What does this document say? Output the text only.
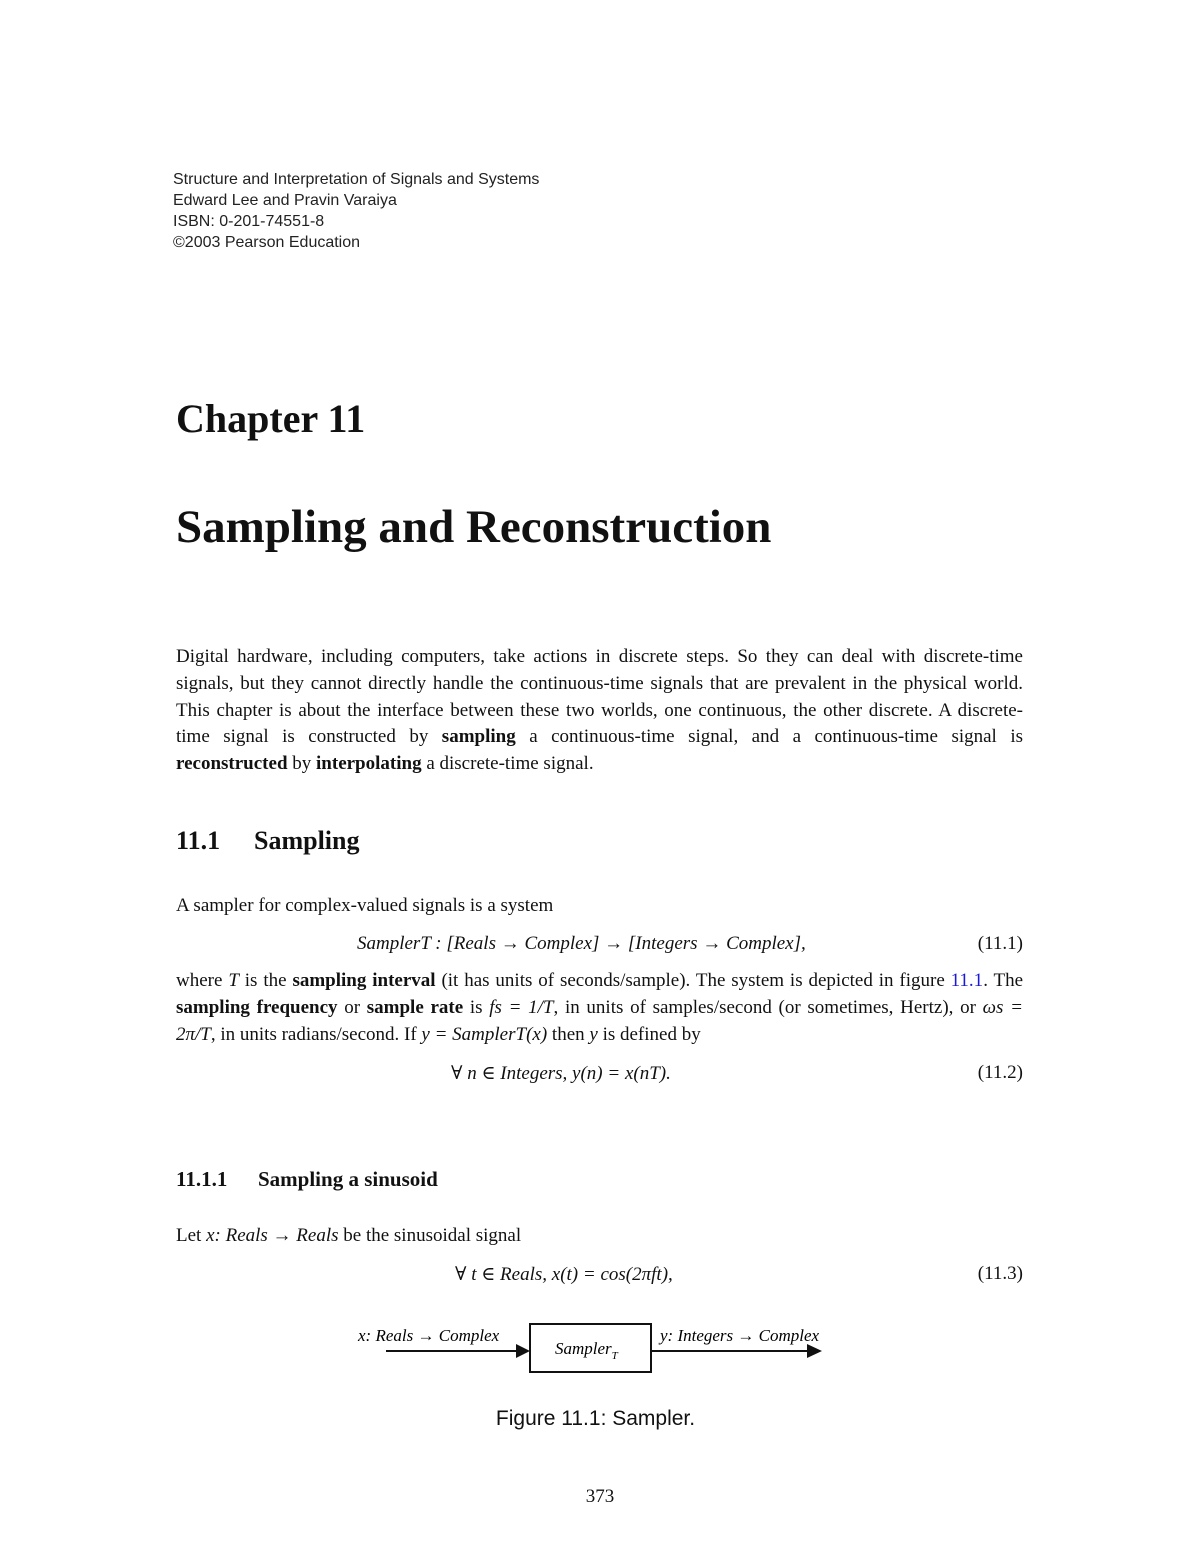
Structure and Interpretation of Signals and Systems
Edward Lee and Pravin Varaiya
ISBN: 0-201-74551-8
©2003 Pearson Education
Chapter 11
Sampling and Reconstruction
Digital hardware, including computers, take actions in discrete steps. So they can deal with discrete-time signals, but they cannot directly handle the continuous-time signals that are prevalent in the physical world. This chapter is about the interface between these two worlds, one continuous, the other discrete. A discrete-time signal is constructed by sampling a continuous-time signal, and a continuous-time signal is reconstructed by interpolating a discrete-time signal.
11.1 Sampling
A sampler for complex-valued signals is a system
SamplerT : [Reals → Complex] → [Integers → Complex],	(11.1)
where T is the sampling interval (it has units of seconds/sample). The system is depicted in figure 11.1. The sampling frequency or sample rate is fs = 1/T, in units of samples/second (or sometimes, Hertz), or ωs = 2π/T, in units radians/second. If y = SamplerT(x) then y is defined by
∀ n ∈ Integers, y(n) = x(nT).	(11.2)
11.1.1 Sampling a sinusoid
Let x: Reals → Reals be the sinusoidal signal
∀ t ∈ Reals, x(t) = cos(2πft),	(11.3)
x: Reals → Complex
Sampler$_T$
y: Integers → Complex
Figure 11.1: Sampler.
373
